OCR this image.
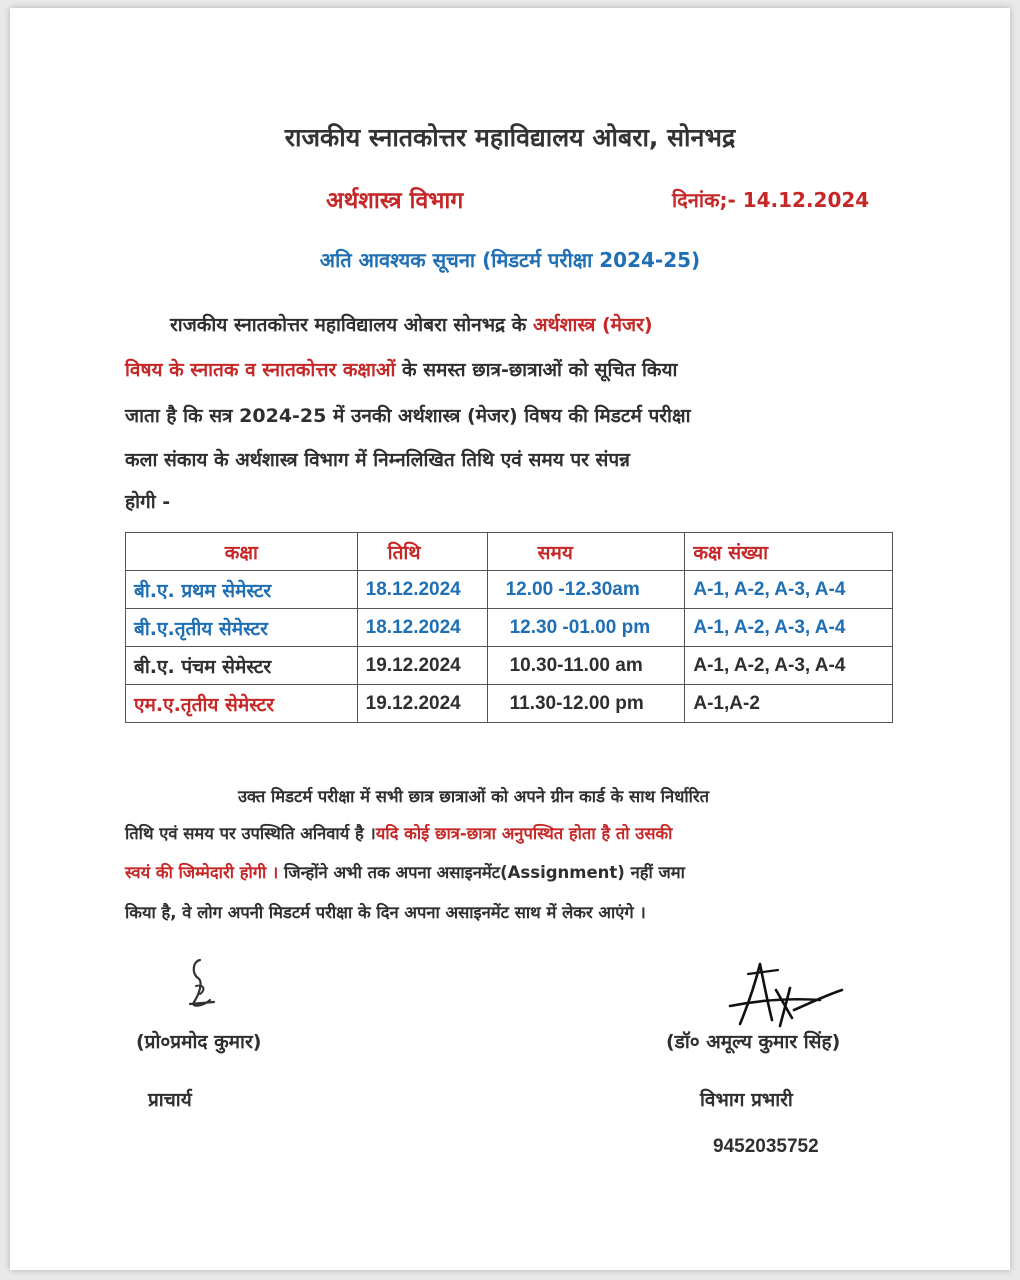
राजकीय स्नातकोत्तर महाविद्यालय ओबरा, सोनभद्र
अर्थशास्त्र विभाग	दिनांक;- 14.12.2024
अति आवश्यक सूचना (मिडटर्म परीक्षा 2024-25)
राजकीय स्नातकोत्तर महाविद्यालय ओबरा सोनभद्र के अर्थशास्त्र (मेजर)
विषय के स्नातक व स्नातकोत्तर कक्षाओं के समस्त छात्र-छात्राओं को सूचित किया
जाता है कि सत्र 2024-25 में उनकी अर्थशास्त्र (मेजर) विषय की मिडटर्म परीक्षा
कला संकाय के अर्थशास्त्र विभाग में निम्नलिखित तिथि एवं समय पर संपन्न
होगी -
कक्षा	तिथि	समय	कक्ष संख्या
बी.ए. प्रथम सेमेस्टर	18.12.2024	12.00 -12.30am	A-1, A-2, A-3, A-4
बी.ए.तृतीय सेमेस्टर	18.12.2024	12.30 -01.00 pm	A-1, A-2, A-3, A-4
बी.ए. पंचम सेमेस्टर	19.12.2024	10.30-11.00 am	A-1, A-2, A-3, A-4
एम.ए.तृतीय सेमेस्टर	19.12.2024	11.30-12.00 pm	A-1,A-2
उक्त मिडटर्म परीक्षा में सभी छात्र छात्राओं को अपने ग्रीन कार्ड के साथ निर्धारित
तिथि एवं समय पर उपस्थिति अनिवार्य है ।यदि कोई छात्र-छात्रा अनुपस्थित होता है तो उसकी
स्वयं की जिम्मेदारी होगी । जिन्होंने अभी तक अपना असाइनमेंट(Assignment) नहीं जमा
किया है, वे लोग अपनी मिडटर्म परीक्षा के दिन अपना असाइनमेंट साथ में लेकर आएंगे ।
(प्रो०प्रमोद कुमार)
प्राचार्य
(डॉ० अमूल्य कुमार सिंह)
विभाग प्रभारी
9452035752
